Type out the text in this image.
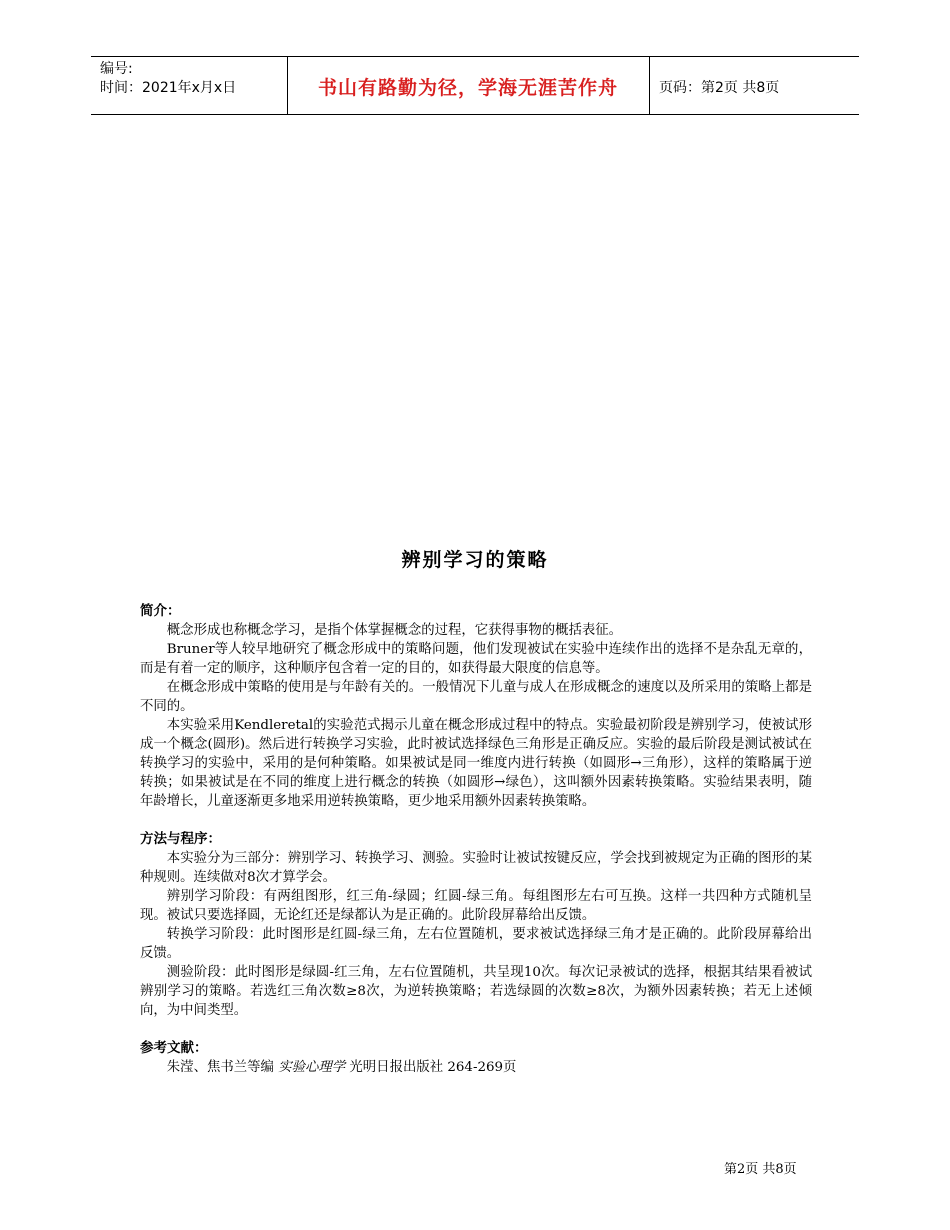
编号:
时间：2021年x月x日	书山有路勤为径，学海无涯苦作舟	页码：第2页 共8页
辨别学习的策略

简介：

概念形成也称概念学习，是指个体掌握概念的过程，它获得事物的概括表征。

Bruner等人较早地研究了概念形成中的策略问题，他们发现被试在实验中连续作出的选择不是杂乱无章的，而是有着一定的顺序，这种顺序包含着一定的目的，如获得最大限度的信息等。

在概念形成中策略的使用是与年龄有关的。一般情况下儿童与成人在形成概念的速度以及所采用的策略上都是不同的。

本实验采用Kendleretal的实验范式揭示儿童在概念形成过程中的特点。实验最初阶段是辨别学习，使被试形成一个概念(圆形)。然后进行转换学习实验，此时被试选择绿色三角形是正确反应。实验的最后阶段是测试被试在转换学习的实验中，采用的是何种策略。如果被试是同一维度内进行转换（如圆形→三角形），这样的策略属于逆转换；如果被试是在不同的维度上进行概念的转换（如圆形→绿色），这叫额外因素转换策略。实验结果表明，随年龄增长，儿童逐渐更多地采用逆转换策略，更少地采用额外因素转换策略。

方法与程序：

本实验分为三部分：辨别学习、转换学习、测验。实验时让被试按键反应，学会找到被规定为正确的图形的某种规则。连续做对8次才算学会。

辨别学习阶段：有两组图形，红三角-绿圆；红圆-绿三角。每组图形左右可互换。这样一共四种方式随机呈现。被试只要选择圆，无论红还是绿都认为是正确的。此阶段屏幕给出反馈。

转换学习阶段：此时图形是红圆-绿三角，左右位置随机，要求被试选择绿三角才是正确的。此阶段屏幕给出反馈。

测验阶段：此时图形是绿圆-红三角，左右位置随机，共呈现10次。每次记录被试的选择，根据其结果看被试辨别学习的策略。若选红三角次数≥8次，为逆转换策略；若选绿圆的次数≥8次，为额外因素转换；若无上述倾向，为中间类型。

参考文献：

朱滢、焦书兰等编 实验心理学 光明日报出版社 264-269页

第2页 共8页
